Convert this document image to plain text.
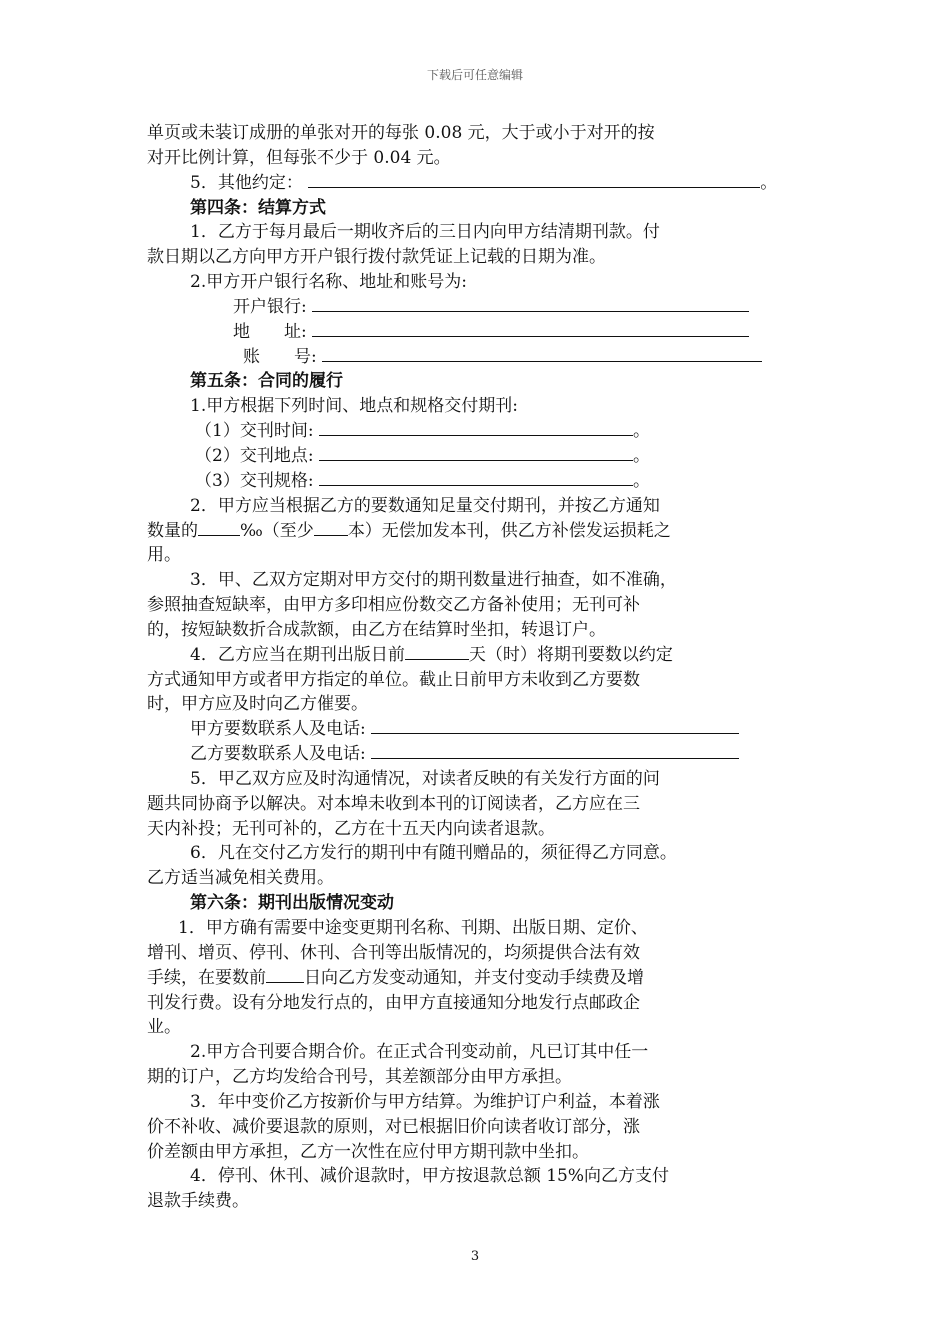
下载后可任意编辑
单页或未装订成册的单张对开的每张 0.08 元，大于或小于对开的按
对开比例计算，但每张不少于 0.04 元。
5．其他约定：	。
第四条：结算方式
1．乙方于每月最后一期收齐后的三日内向甲方结清期刊款。付
款日期以乙方向甲方开户银行拨付款凭证上记载的日期为准。
2.甲方开户银行名称、地址和账号为:
开户银行:
地　　址:
账　　号:
第五条：合同的履行
1.甲方根据下列时间、地点和规格交付期刊:
（1）交刊时间:	。
（2）交刊地点:	。
（3）交刊规格:	。
2．甲方应当根据乙方的要数通知足量交付期刊，并按乙方通知
数量的 ‰（至少 本）无偿加发本刊，供乙方补偿发运损耗之
用。
3．甲、乙双方定期对甲方交付的期刊数量进行抽查，如不准确，
参照抽查短缺率，由甲方多印相应份数交乙方备补使用；无刊可补
的，按短缺数折合成款额，由乙方在结算时坐扣，转退订户。
4．乙方应当在期刊出版日前	天（时）将期刊要数以约定
方式通知甲方或者甲方指定的单位。截止日前甲方未收到乙方要数
时，甲方应及时向乙方催要。
甲方要数联系人及电话:
乙方要数联系人及电话:
5．甲乙双方应及时沟通情况，对读者反映的有关发行方面的问
题共同协商予以解决。对本埠未收到本刊的订阅读者，乙方应在三
天内补投；无刊可补的，乙方在十五天内向读者退款。
6．凡在交付乙方发行的期刊中有随刊赠品的，须征得乙方同意。
乙方适当减免相关费用。
第六条：期刊出版情况变动
1．甲方确有需要中途变更期刊名称、刊期、出版日期、定价、
增刊、增页、停刊、休刊、合刊等出版情况的，均须提供合法有效
手续，在要数前 日向乙方发变动通知，并支付变动手续费及增
刊发行费。设有分地发行点的，由甲方直接通知分地发行点邮政企
业。
2.甲方合刊要合期合价。在正式合刊变动前，凡已订其中任一
期的订户，乙方均发给合刊号，其差额部分由甲方承担。
3．年中变价乙方按新价与甲方结算。为维护订户利益，本着涨
价不补收、减价要退款的原则，对已根据旧价向读者收订部分，涨
价差额由甲方承担，乙方一次性在应付甲方期刊款中坐扣。
4．停刊、休刊、减价退款时，甲方按退款总额 15%向乙方支付
退款手续费。
3
